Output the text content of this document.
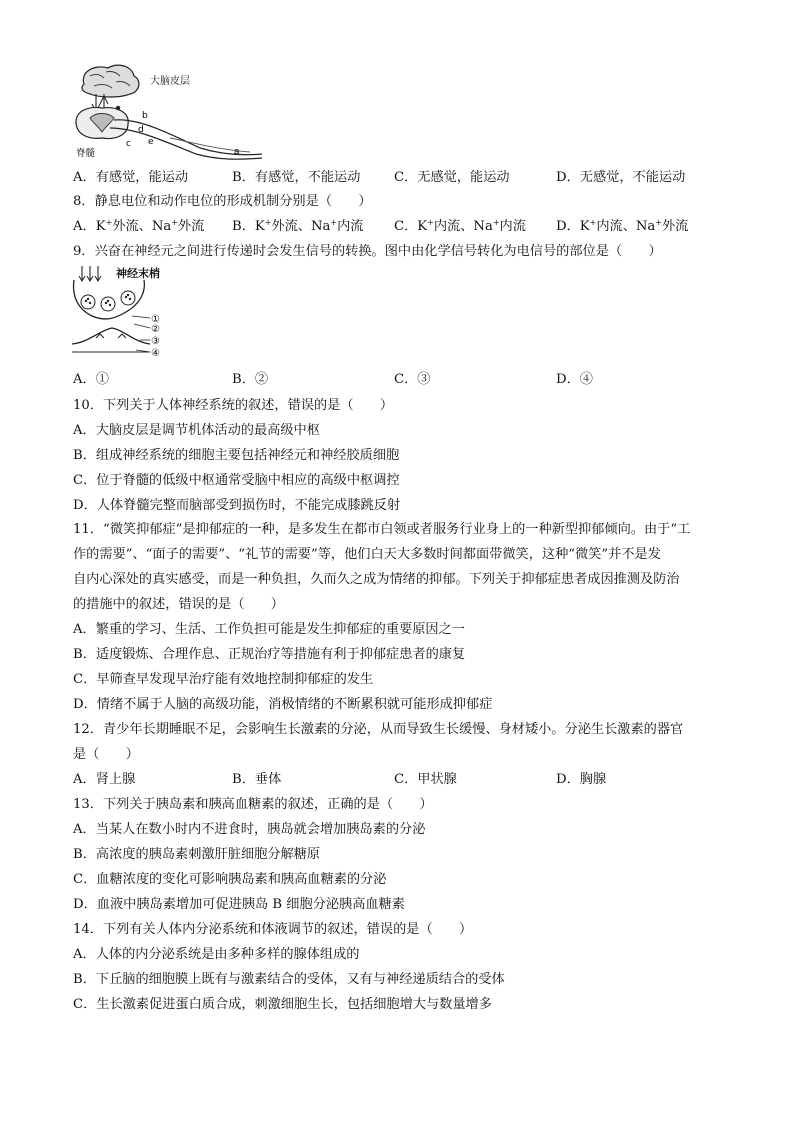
大脑皮层
脊髓	a
b
c
d
e
A．有感觉，能运动	B．有感觉，不能运动	C．无感觉，能运动	D．无感觉，不能运动
8．静息电位和动作电位的形成机制分别是（　　）
A．K+外流、Na+外流 B．K+外流、Na+内流 C．K+内流、Na+内流 D．K+内流、Na+外流
9．兴奋在神经元之间进行传递时会发生信号的转换。图中由化学信号转化为电信号的部位是（　　）
神经末梢
①
②
③
④
A．①	B．②	C．③	D．④
10．下列关于人体神经系统的叙述，错误的是（　　）
A．大脑皮层是调节机体活动的最高级中枢
B．组成神经系统的细胞主要包括神经元和神经胶质细胞
C．位于脊髓的低级中枢通常受脑中相应的高级中枢调控
D．人体脊髓完整而脑部受到损伤时，不能完成膝跳反射
11．“微笑抑郁症”是抑郁症的一种，是多发生在都市白领或者服务行业身上的一种新型抑郁倾向。由于“工
作的需要”、“面子的需要”、“礼节的需要”等，他们白天大多数时间都面带微笑，这种“微笑”并不是发
自内心深处的真实感受，而是一种负担，久而久之成为情绪的抑郁。下列关于抑郁症患者成因推测及防治
的措施中的叙述，错误的是（　　）
A．繁重的学习、生活、工作负担可能是发生抑郁症的重要原因之一
B．适度锻炼、合理作息、正规治疗等措施有利于抑郁症患者的康复
C．早筛查早发现早治疗能有效地控制抑郁症的发生
D．情绪不属于人脑的高级功能，消极情绪的不断累积就可能形成抑郁症
12．青少年长期睡眠不足，会影响生长激素的分泌，从而导致生长缓慢、身材矮小。分泌生长激素的器官
是（　　）
A．肾上腺	B．垂体	C．甲状腺	D．胸腺
13．下列关于胰岛素和胰高血糖素的叙述，正确的是（　　）
A．当某人在数小时内不进食时，胰岛就会增加胰岛素的分泌
B．高浓度的胰岛素刺激肝脏细胞分解糖原
C．血糖浓度的变化可影响胰岛素和胰高血糖素的分泌
D．血液中胰岛素增加可促进胰岛 B 细胞分泌胰高血糖素
14．下列有关人体内分泌系统和体液调节的叙述，错误的是（　　）
A．人体的内分泌系统是由多种多样的腺体组成的
B．下丘脑的细胞膜上既有与激素结合的受体，又有与神经递质结合的受体
C．生长激素促进蛋白质合成，刺激细胞生长，包括细胞增大与数量增多
